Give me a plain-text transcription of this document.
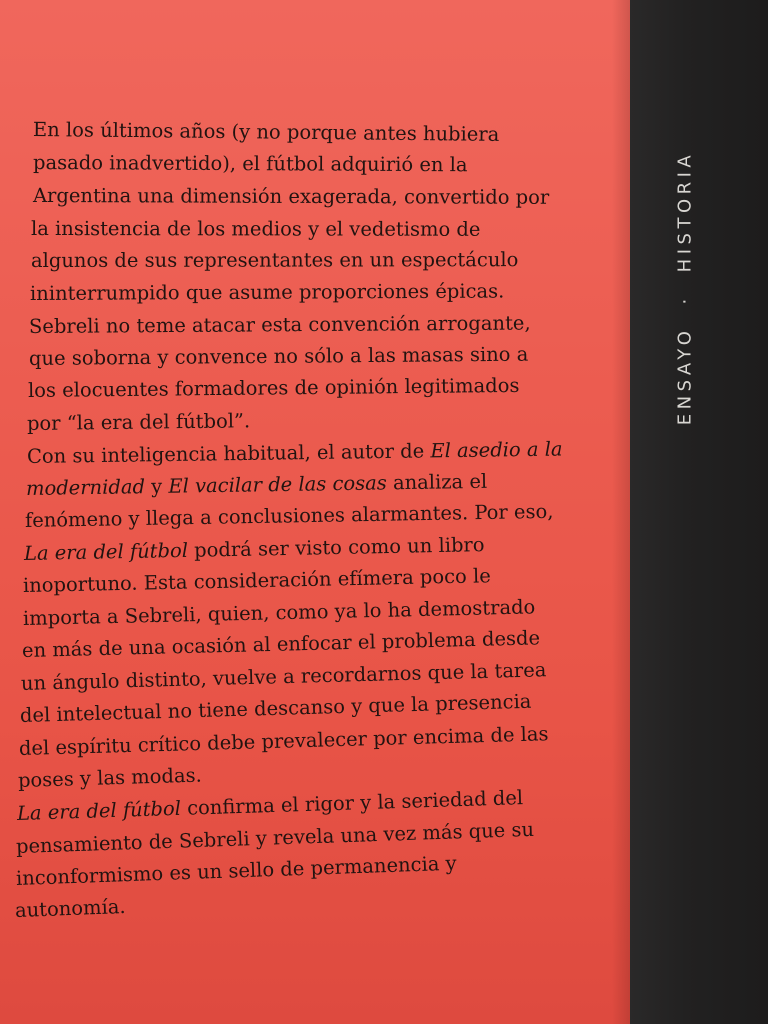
ENSAYO·HISTORIA
En los últimos años (y no porque antes hubiera
pasado inadvertido), el fútbol adquirió en la
Argentina una dimensión exagerada, convertido por
la insistencia de los medios y el vedetismo de
algunos de sus representantes en un espectáculo
ininterrumpido que asume proporciones épicas.
Sebreli no teme atacar esta convención arrogante,
que soborna y convence no sólo a las masas sino a
los elocuentes formadores de opinión legitimados
por “la era del fútbol”.
Con su inteligencia habitual, el autor de El asedio a la
modernidad y El vacilar de las cosas analiza el
fenómeno y llega a conclusiones alarmantes. Por eso,
La era del fútbol podrá ser visto como un libro
inoportuno. Esta consideración efímera poco le
importa a Sebreli, quien, como ya lo ha demostrado
en más de una ocasión al enfocar el problema desde
un ángulo distinto, vuelve a recordarnos que la tarea
del intelectual no tiene descanso y que la presencia
del espíritu crítico debe prevalecer por encima de las
poses y las modas.
La era del fútbol confirma el rigor y la seriedad del
pensamiento de Sebreli y revela una vez más que su
inconformismo es un sello de permanencia y
autonomía.
